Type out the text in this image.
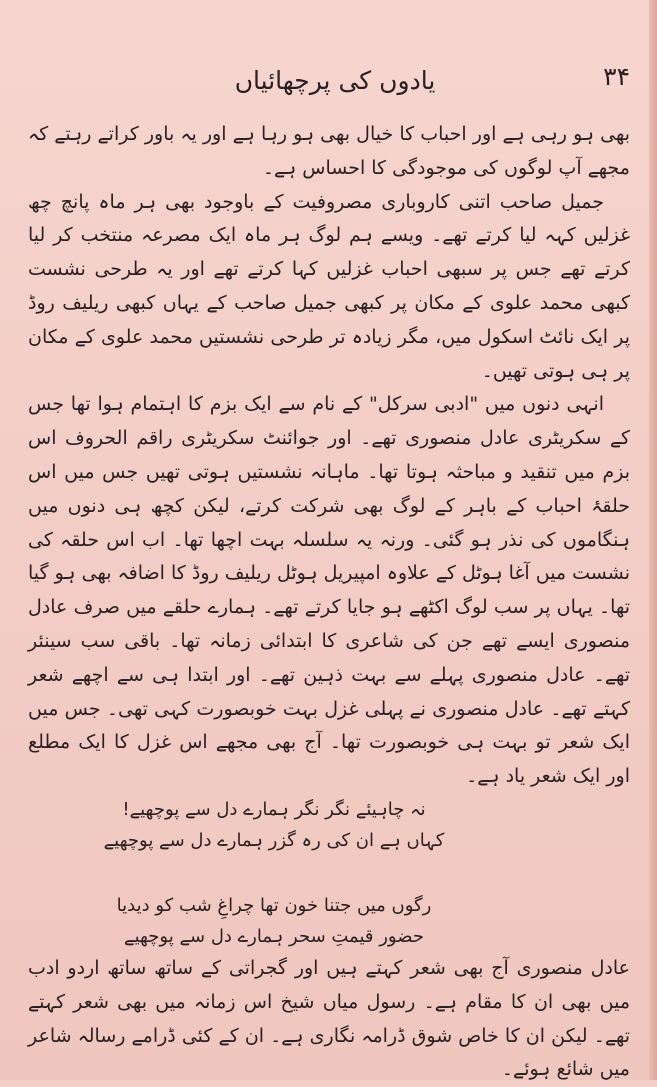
۳۴
یادوں کی پرچھائیاں

بھی ہو رہی ہے اور احباب کا خیال بھی ہو رہا ہے اور یہ باور کراتے رہتے کہ مجھے آپ لوگوں کی موجودگی کا احساس ہے۔

جمیل صاحب اتنی کاروباری مصروفیت کے باوجود بھی ہر ماہ پانچ چھ غزلیں کہہ لیا کرتے تھے۔ ویسے ہم لوگ ہر ماہ ایک مصرعہ منتخب کر لیا کرتے تھے جس پر سبھی احباب غزلیں کہا کرتے تھے اور یہ طرحی نشست کبھی محمد علوی کے مکان پر کبھی جمیل صاحب کے یہاں کبھی ریلیف روڈ پر ایک نائٹ اسکول میں، مگر زیادہ تر طرحی نشستیں محمد علوی کے مکان پر ہی ہوتی تھیں۔

انہی دنوں میں "ادبی سرکل" کے نام سے ایک بزم کا اہتمام ہوا تھا جس کے سکریٹری عادل منصوری تھے۔ اور جوائنٹ سکریٹری راقم الحروف اس بزم میں تنقید و مباحثہ ہوتا تھا۔ ماہانہ نشستیں ہوتی تھیں جس میں اس حلقۂ احباب کے باہر کے لوگ بھی شرکت کرتے، لیکن کچھ ہی دنوں میں ہنگاموں کی نذر ہو گئی۔ ورنہ یہ سلسلہ بہت اچھا تھا۔ اب اس حلقہ کی نشست میں آغا ہوٹل کے علاوہ امپیریل ہوٹل ریلیف روڈ کا اضافہ بھی ہو گیا تھا۔ یہاں پر سب لوگ اکٹھے ہو جایا کرتے تھے۔ ہمارے حلقے میں صرف عادل منصوری ایسے تھے جن کی شاعری کا ابتدائی زمانہ تھا۔ باقی سب سینئر تھے۔ عادل منصوری پہلے سے بہت ذہین تھے۔ اور ابتدا ہی سے اچھے شعر کہتے تھے۔ عادل منصوری نے پہلی غزل بہت خوبصورت کہی تھی۔ جس میں ایک شعر تو بہت ہی خوبصورت تھا۔ آج بھی مجھے اس غزل کا ایک مطلع اور ایک شعر یاد ہے۔

نہ چاہیئے نگر نگر ہمارے دل سے پوچھیے!
کہاں ہے ان کی رہ گزر ہمارے دل سے پوچھیے
رگوں میں جتنا خون تھا چراغِ شب کو دیدیا
حضور قیمتِ سحر ہمارے دل سے پوچھیے

عادل منصوری آج بھی شعر کہتے ہیں اور گجراتی کے ساتھ ساتھ اردو ادب میں بھی ان کا مقام ہے۔ رسول میاں شیخ اس زمانہ میں بھی شعر کہتے تھے۔ لیکن ان کا خاص شوق ڈرامہ نگاری ہے۔ ان کے کئی ڈرامے رسالہ شاعر میں شائع ہوئے۔
